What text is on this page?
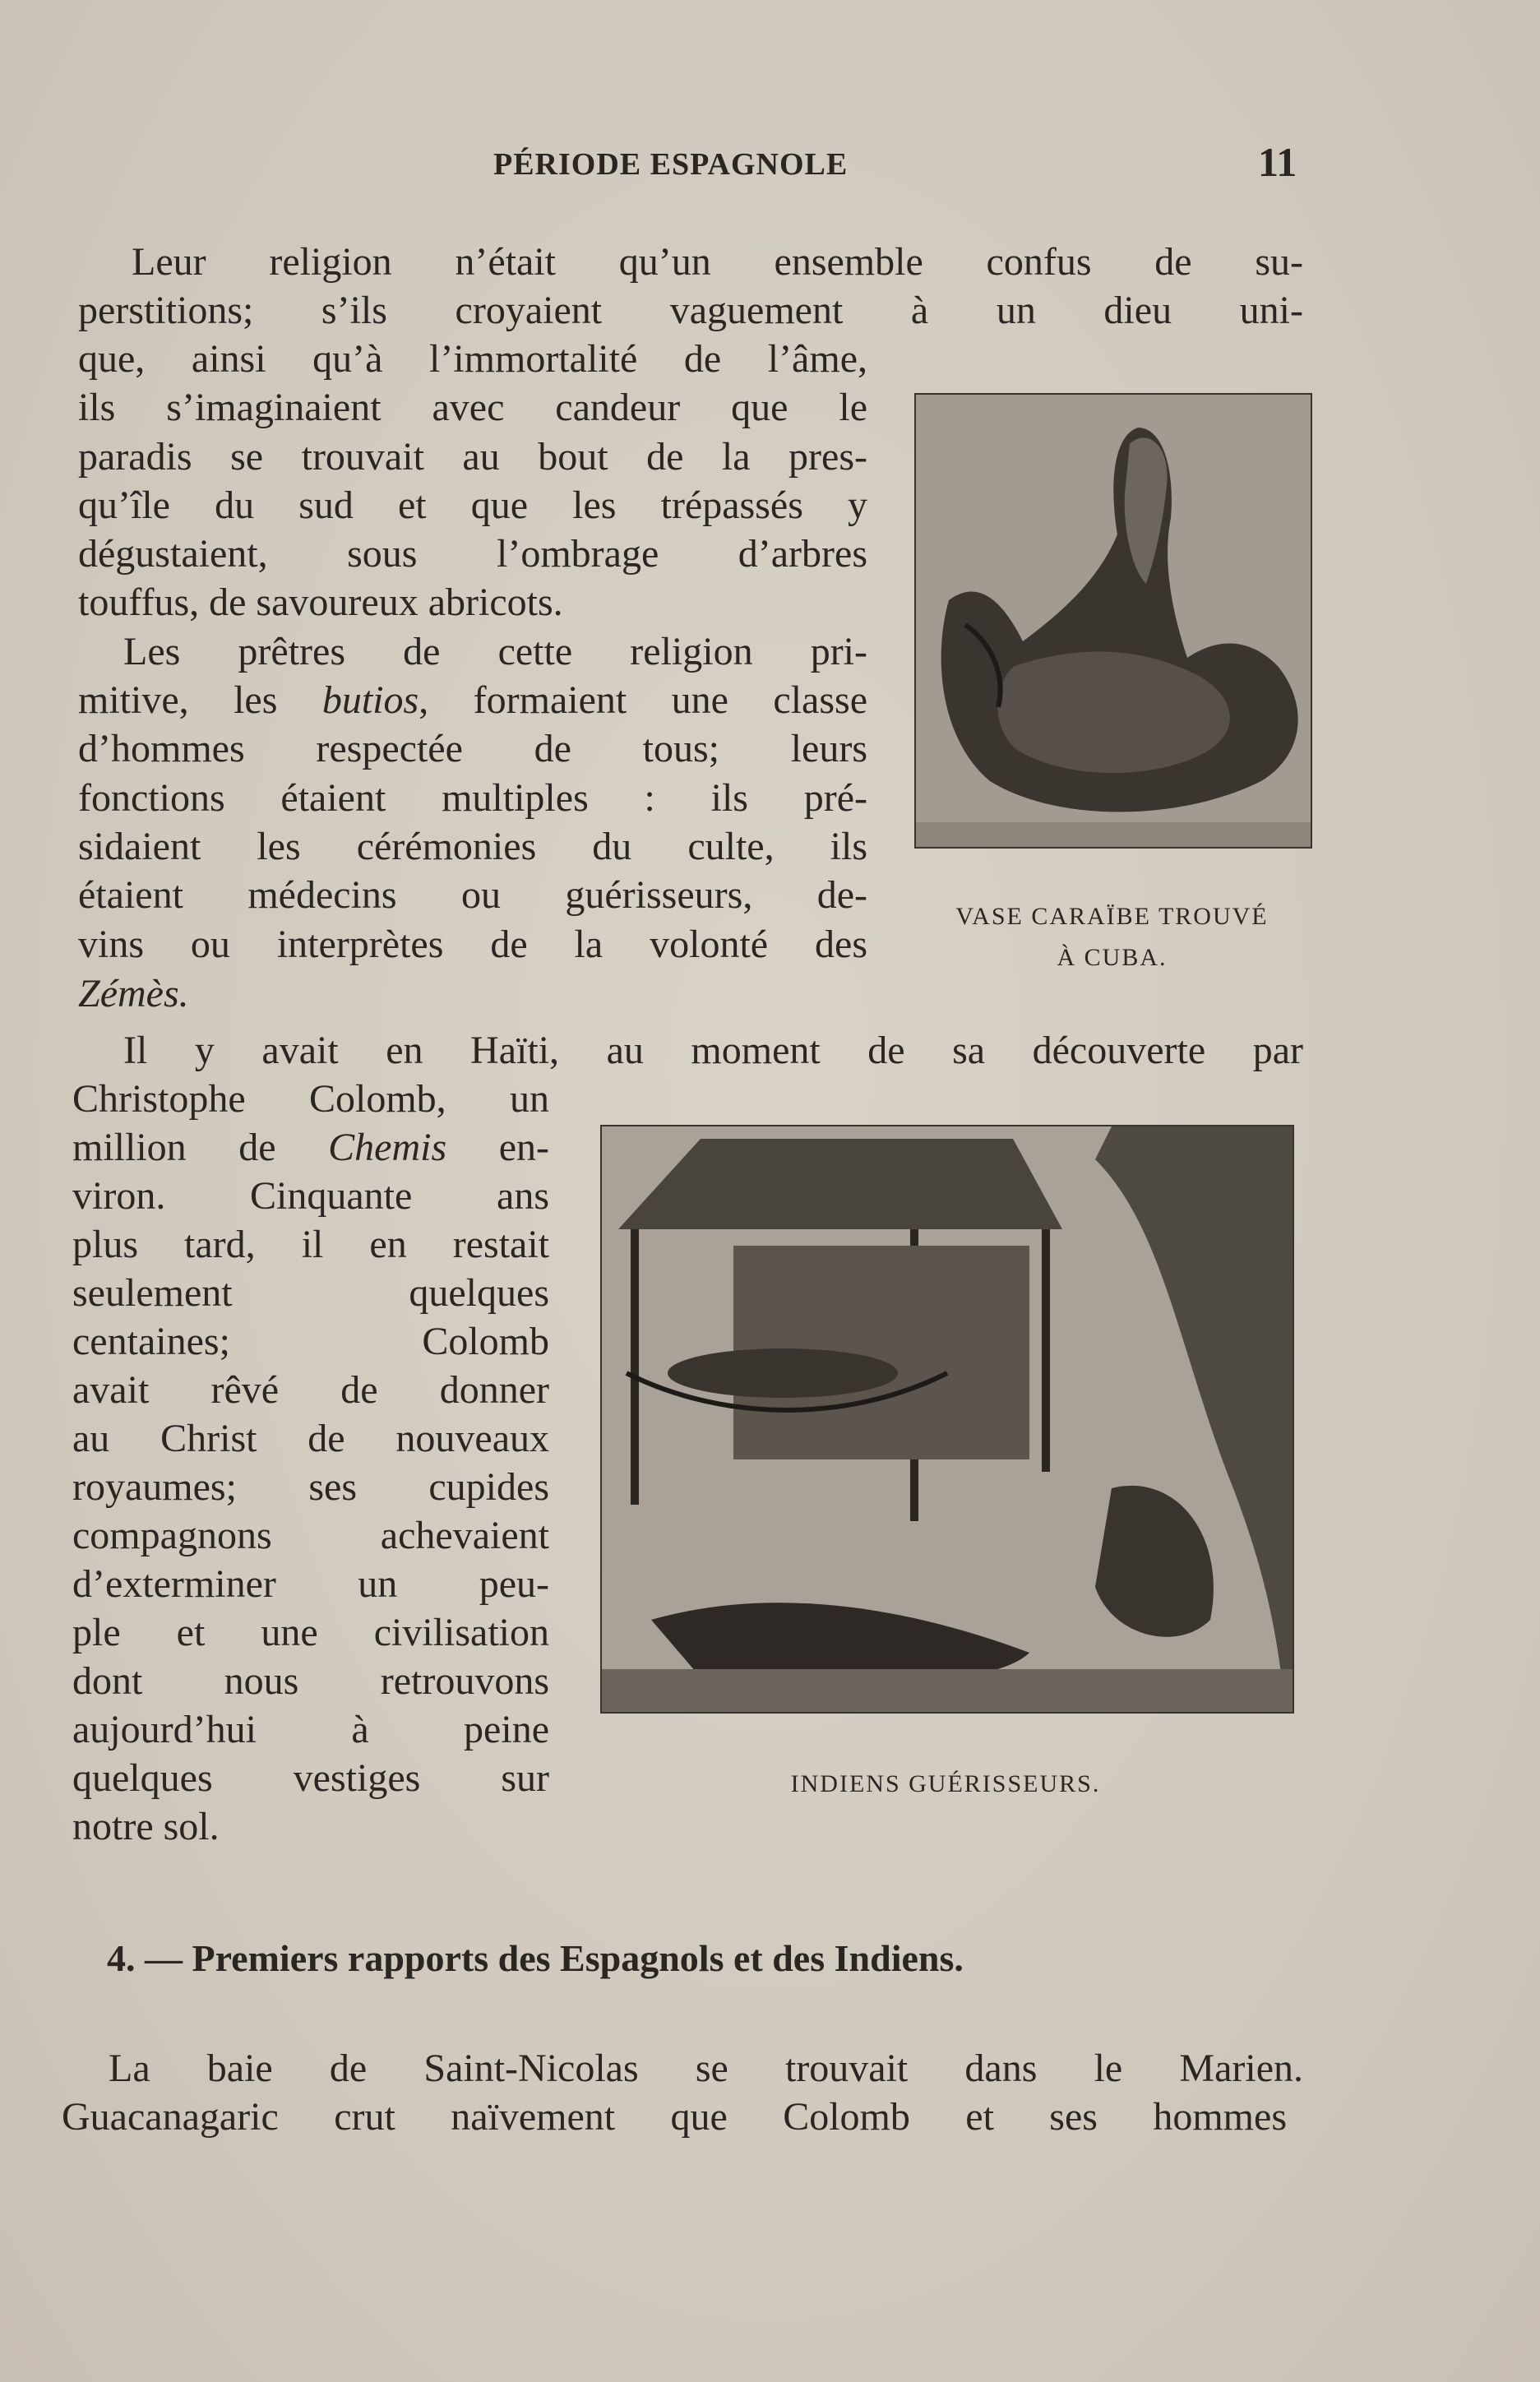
PÉRIODE ESPAGNOLE	11
Leur religion n’était qu’un ensemble confus de su-
perstitions; s’ils croyaient vaguement à un dieu uni-
que, ainsi qu’à l’immortalité de l’âme,
ils s’imaginaient avec candeur que le
paradis se trouvait au bout de la pres-
qu’île du sud et que les trépassés y
dégustaient, sous l’ombrage d’arbres
touffus, de savoureux abricots.
Les prêtres de cette religion pri-
mitive, les butios, formaient une classe
d’hommes respectée de tous; leurs
fonctions étaient multiples : ils pré-
sidaient les cérémonies du culte, ils
étaient médecins ou guérisseurs, de-
vins ou interprètes de la volonté des
Zémès.
VASE CARAÏBE TROUVÉ
À CUBA.
Il y avait en Haïti, au moment de sa découverte par
Christophe Colomb, un
million de Chemis en-
viron. Cinquante ans
plus tard, il en restait
seulement quelques
centaines; Colomb
avait rêvé de donner
au Christ de nouveaux
royaumes; ses cupides
compagnons achevaient
d’exterminer un peu-
ple et une civilisation
dont nous retrouvons
aujourd’hui à peine
quelques vestiges sur
notre sol.
INDIENS GUÉRISSEURS.
4. — Premiers rapports des Espagnols et des Indiens.
La baie de Saint-Nicolas se trouvait dans le Marien.
Guacanagaric crut naïvement que Colomb et ses hommes
